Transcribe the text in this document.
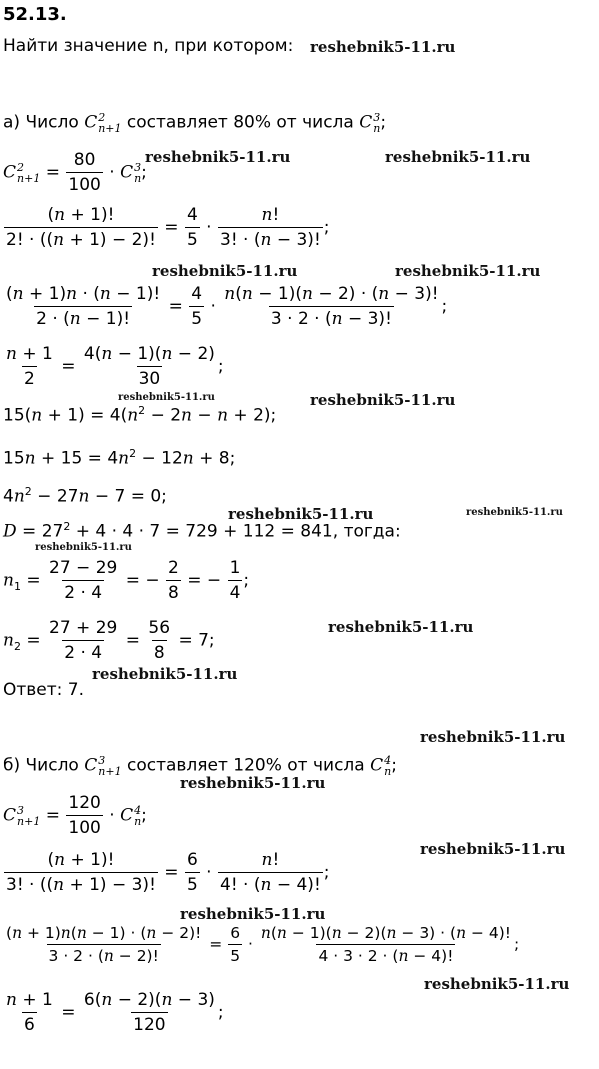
52.13.
Найти значение n, при котором:
а) Число C 2
n+1 составляет 80% от числа C 3
n ;
C 2
$n+1 = \frac{80}{100} \cdot C$ 3
n ;
$\frac{(n + 1)!}{2! \cdot ((n + 1) - 2)!} = \frac{4}{5} \cdot \frac{n!}{3! \cdot (n - 3)!}$ ;
$\frac{(n + 1)n \cdot (n - 1)!}{2 \cdot (n - 1)!} = \frac{4}{5} \cdot \frac{n(n - 1)(n - 2) \cdot (n - 3)!}{3 \cdot 2 \cdot (n - 3)!}$ ;
$\frac{n + 1}{2} = \frac{4(n - 1)(n - 2)}{30}$ ;
$15(n + 1) = 4(n^2 - 2n - n + 2)$;
$15n + 15 = 4n^2 - 12n + 8$;
$4n^2 - 27n - 7 = 0$;
$D = 27^2 + 4 \cdot 4 \cdot 7 = 729 + 112 = 841$, тогда:
$n_1 = \frac{27 - 29}{2 \cdot 4}$ = − $\frac{2}{8}$ = − $\frac{1}{4}$ ;
$n_2 = \frac{27 + 29}{2 \cdot 4} = \frac{56}{8} = 7$;
Ответ: 7.
б) Число C 3
n+1 составляет 120% от числа C 4
n ;
C 3
$n+1 = \frac{120}{100} \cdot C$ 4
n ;
$\frac{(n + 1)!}{3! \cdot ((n + 1) - 3)!} = \frac{6}{5} \cdot \frac{n!}{4! \cdot (n - 4)!}$ ;
$\frac{(n + 1)n(n - 1) \cdot (n - 2)!}{3 \cdot 2 \cdot (n - 2)!} = \frac{6}{5} \cdot \frac{n(n - 1)(n - 2)(n - 3) \cdot (n - 4)!}{4 \cdot 3 \cdot 2 \cdot (n - 4)!}$ ;
$\frac{n + 1}{6} = \frac{6(n - 2)(n - 3)}{120}$ ;
reshebnik5-11.ru
reshebnik5-11.ru	reshebnik5-11.ru
reshebnik5-11.ru	reshebnik5-11.ru
reshebnik5-11.ru	reshebnik5-11.ru
reshebnik5-11.ru	reshebnik5-11.ru
reshebnik5-11.ru
reshebnik5-11.ru
reshebnik5-11.ru
reshebnik5-11.ru
reshebnik5-11.ru
reshebnik5-11.ru
reshebnik5-11.ru
reshebnik5-11.ru
